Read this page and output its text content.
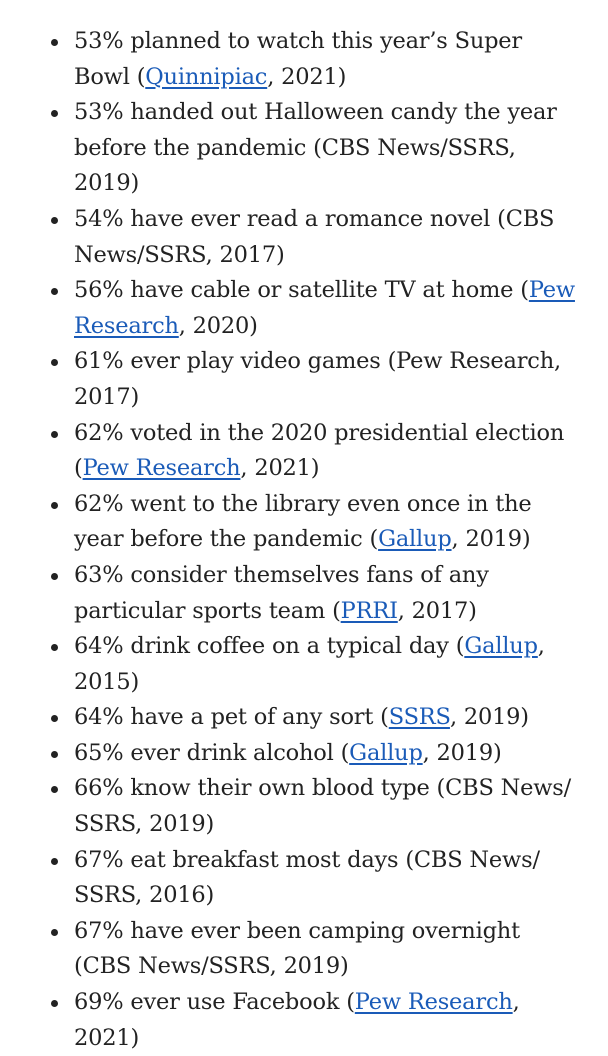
53% planned to watch this year’s Super Bowl (Quinnipiac, 2021)
53% handed out Halloween candy the year before the pandemic (CBS News/SSRS, 2019)
54% have ever read a romance novel (CBS News/SSRS, 2017)
56% have cable or satellite TV at home (Pew Research, 2020)
61% ever play video games (Pew Research, 2017)
62% voted in the 2020 presidential election (Pew Research, 2021)
62% went to the library even once in the year before the pandemic (Gallup, 2019)
63% consider themselves fans of any particular sports team (PRRI, 2017)
64% drink coffee on a typical day (Gallup, 2015)
64% have a pet of any sort (SSRS, 2019)
65% ever drink alcohol (Gallup, 2019)
66% know their own blood type (CBS News/ SSRS, 2019)
67% eat breakfast most days (CBS News/ SSRS, 2016)
67% have ever been camping overnight (CBS News/SSRS, 2019)
69% ever use Facebook (Pew Research, 2021)
